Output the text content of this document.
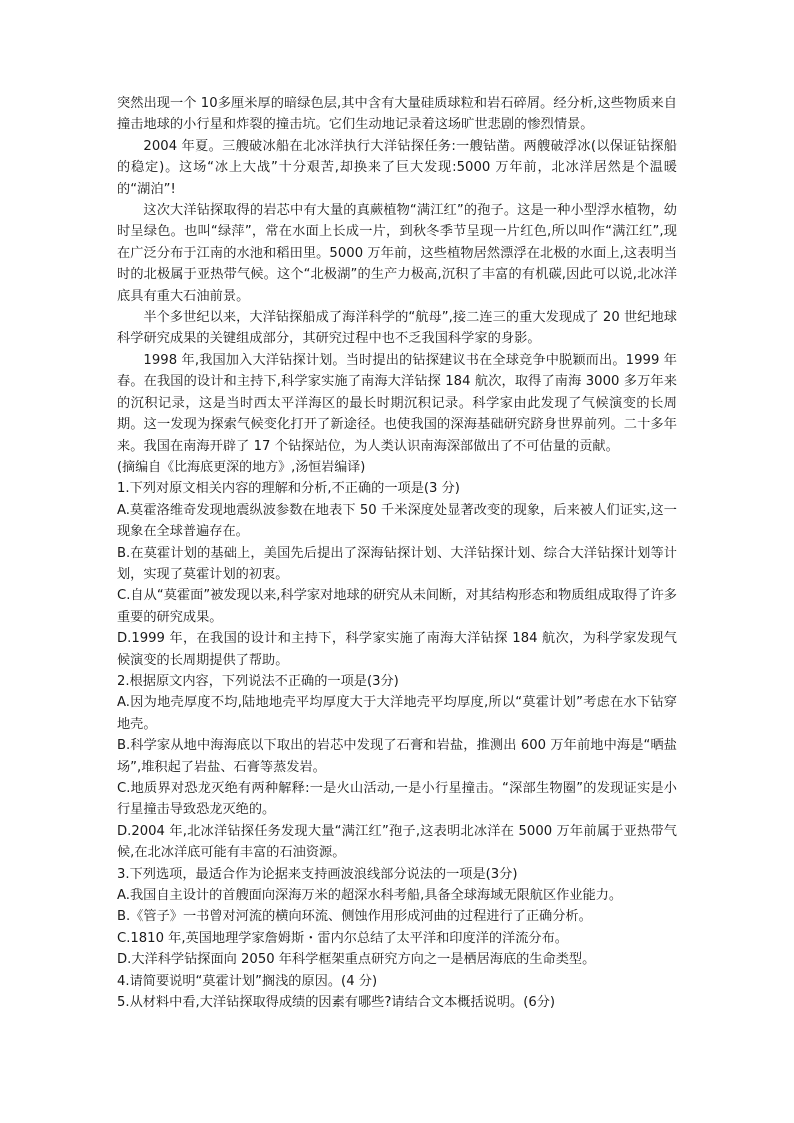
突然出现一个 10多厘米厚的暗绿色层,其中含有大量硅质球粒和岩石碎屑。经分析,这些物质来自撞击地球的小行星和炸裂的撞击坑。它们生动地记录着这场旷世悲剧的惨烈情景。

2004 年夏。三艘破冰船在北冰洋执行大洋钻探任务:一艘钻凿。两艘破浮冰(以保证钻探船的稳定)。这场“冰上大战”十分艰苦,却换来了巨大发现:5000 万年前，北冰洋居然是个温暖的“湖泊”!

这次大洋钻探取得的岩芯中有大量的真蕨植物“满江红”的孢子。这是一种小型浮水植物，幼时呈绿色。也叫“绿萍”，常在水面上长成一片，到秋冬季节呈现一片红色,所以叫作“满江红”,现在广泛分布于江南的水池和稻田里。5000 万年前，这些植物居然漂浮在北极的水面上,这表明当时的北极属于亚热带气候。这个“北极湖”的生产力极高,沉积了丰富的有机碳,因此可以说,北冰洋底具有重大石油前景。

半个多世纪以来，大洋钻探船成了海洋科学的“航母”,接二连三的重大发现成了 20 世纪地球科学研究成果的关键组成部分，其研究过程中也不乏我国科学家的身影。

1998 年,我国加入大洋钻探计划。当时提出的钻探建议书在全球竞争中脱颖而出。1999 年春。在我国的设计和主持下,科学家实施了南海大洋钻探 184 航次，取得了南海 3000 多万年来的沉积记录，这是当时西太平洋海区的最长时期沉积记录。科学家由此发现了气候演变的长周期。这一发现为探索气候变化打开了新途径。也使我国的深海基础研究跻身世界前列。二十多年来。我国在南海开辟了 17 个钻探站位，为人类认识南海深部做出了不可估量的贡献。

(摘编自《比海底更深的地方》,汤恒岩编译)

1.下列对原文相关内容的理解和分析,不正确的一项是(3 分)

A.莫霍洛维奇发现地震纵波参数在地表下 50 千米深度处显著改变的现象，后来被人们证实,这一现象在全球普遍存在。

B.在莫霍计划的基础上，美国先后提出了深海钻探计划、大洋钻探计划、综合大洋钻探计划等计划，实现了莫霍计划的初衷。

C.自从“莫霍面”被发现以来,科学家对地球的研究从未间断，对其结构形态和物质组成取得了许多重要的研究成果。

D.1999 年，在我国的设计和主持下，科学家实施了南海大洋钻探 184 航次，为科学家发现气候演变的长周期提供了帮助。

2.根据原文内容，下列说法不正确的一项是(3分)

A.因为地壳厚度不均,陆地地壳平均厚度大于大洋地壳平均厚度,所以“莫霍计划”考虑在水下钻穿地壳。

B.科学家从地中海海底以下取出的岩芯中发现了石膏和岩盐，推测出 600 万年前地中海是“晒盐场”,堆积起了岩盐、石膏等蒸发岩。

C.地质界对恐龙灭绝有两种解释:一是火山活动,一是小行星撞击。“深部生物圈”的发现证实是小行星撞击导致恐龙灭绝的。

D.2004 年,北冰洋钻探任务发现大量“满江红”孢子,这表明北冰洋在 5000 万年前属于亚热带气候,在北冰洋底可能有丰富的石油资源。

3.下列选项，最适合作为论据来支持画波浪线部分说法的一项是(3分)

A.我国自主设计的首艘面向深海万米的超深水科考船,具备全球海域无限航区作业能力。

B.《管子》一书曾对河流的横向环流、侧蚀作用形成河曲的过程进行了正确分析。

C.1810 年,英国地理学家詹姆斯・雷内尔总结了太平洋和印度洋的洋流分布。

D.大洋科学钻探面向 2050 年科学框架重点研究方向之一是栖居海底的生命类型。

4.请简要说明“莫霍计划”搁浅的原因。(4 分)

5.从材料中看,大洋钻探取得成绩的因素有哪些?请结合文本概括说明。(6分)
